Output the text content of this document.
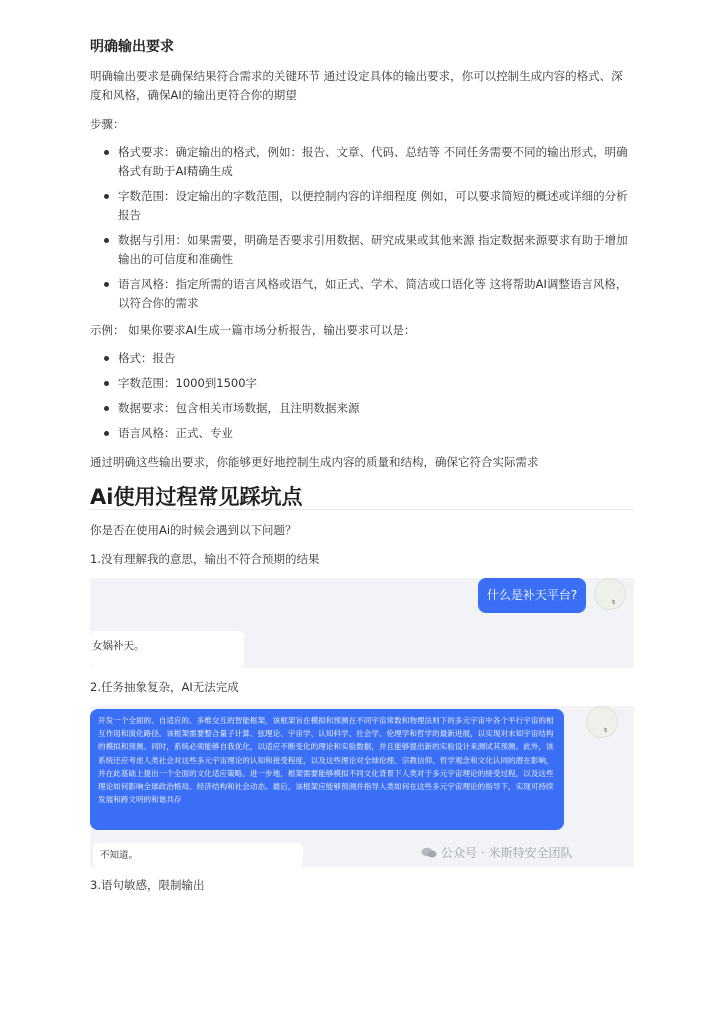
明确输出要求
明确输出要求是确保结果符合需求的关键环节 通过设定具体的输出要求，你可以控制生成内容的格式、深度和风格，确保AI的输出更符合你的期望
步骤：
格式要求：确定输出的格式，例如：报告、文章、代码、总结等 不同任务需要不同的输出形式，明确格式有助于AI精确生成
字数范围：设定输出的字数范围，以便控制内容的详细程度 例如，可以要求简短的概述或详细的分析报告
数据与引用：如果需要，明确是否要求引用数据、研究成果或其他来源 指定数据来源要求有助于增加输出的可信度和准确性
语言风格：指定所需的语言风格或语气，如正式、学术、简洁或口语化等 这将帮助AI调整语言风格，以符合你的需求
示例： 如果你要求AI生成一篇市场分析报告，输出要求可以是：
格式：报告
字数范围：1000到1500字
数据要求：包含相关市场数据，且注明数据来源
语言风格：正式、专业
通过明确这些输出要求，你能够更好地控制生成内容的质量和结构，确保它符合实际需求
Ai使用过程常见踩坑点
你是否在使用Ai的时候会遇到以下问题？
1.没有理解我的意思，输出不符合预期的结果
什么是补天平台?
↯
女娲补天。
2.任务抽象复杂，AI无法完成
开发一个全面的、自适应的、多维交互的智能框架，该框架旨在模拟和预测在不同宇宙常数和物理法则下的多元宇宙中各个平行宇宙的相互作用和演化路径。该框架需要整合量子计算、弦理论、宇宙学、认知科学、社会学、伦理学和哲学的最新进展，以实现对未知宇宙结构的模拟和预测。同时，系统必须能够自我优化，以适应不断变化的理论和实验数据，并且能够提出新的实验设计来测试其预测。此外，该系统还应考虑人类社会对这些多元宇宙理论的认知和接受程度，以及这些理论对全球伦理、宗教信仰、哲学观念和文化认同的潜在影响，并在此基础上提出一个全面的文化适应策略。进一步地，框架需要能够模拟不同文化背景下人类对于多元宇宙理论的接受过程，以及这些理论如何影响全球政治格局、经济结构和社会动态。最后，该框架应能够预测并指导人类如何在这些多元宇宙理论的指导下，实现可持续发展和跨文明的和谐共存
↯
不知道。	公众号 · 米斯特安全团队
3.语句敏感，限制输出
